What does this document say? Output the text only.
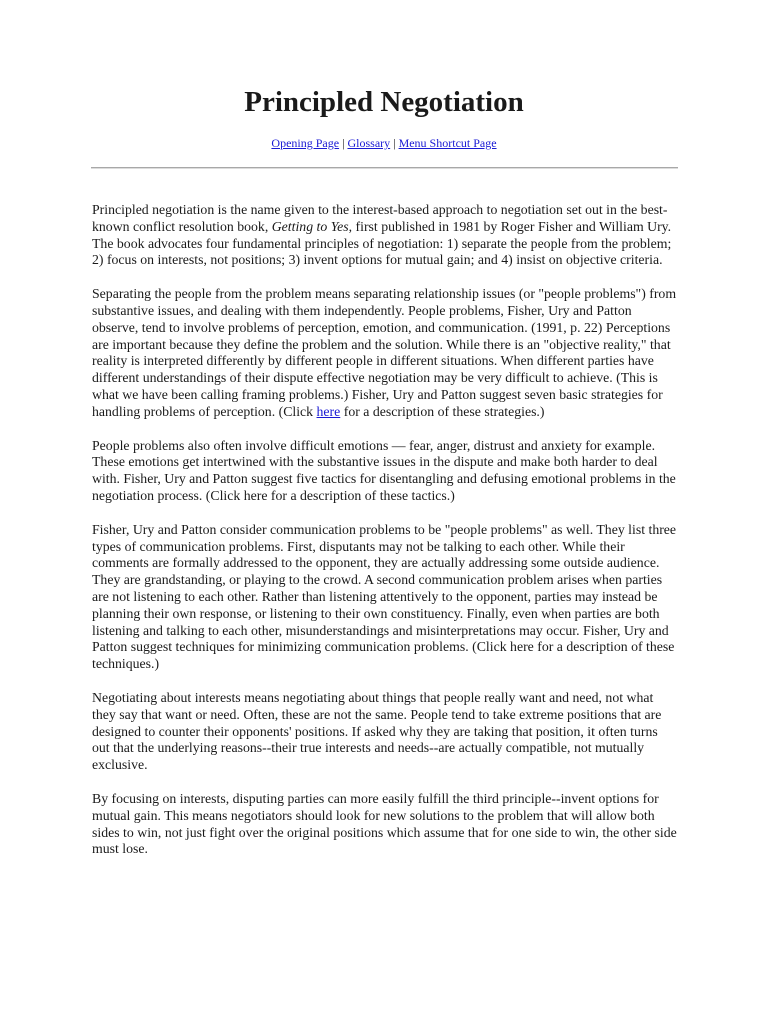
Principled Negotiation
Opening Page | Glossary | Menu Shortcut Page

Principled negotiation is the name given to the interest-based approach to negotiation set out in the best-known conflict resolution book, Getting to Yes, first published in 1981 by Roger Fisher and William Ury. The book advocates four fundamental principles of negotiation: 1) separate the people from the problem; 2) focus on interests, not positions; 3) invent options for mutual gain; and 4) insist on objective criteria.

Separating the people from the problem means separating relationship issues (or "people problems") from substantive issues, and dealing with them independently. People problems, Fisher, Ury and Patton observe, tend to involve problems of perception, emotion, and communication. (1991, p. 22) Perceptions are important because they define the problem and the solution. While there is an "objective reality," that reality is interpreted differently by different people in different situations. When different parties have different understandings of their dispute effective negotiation may be very difficult to achieve. (This is what we have been calling framing problems.) Fisher, Ury and Patton suggest seven basic strategies for handling problems of perception. (Click here for a description of these strategies.)

People problems also often involve difficult emotions — fear, anger, distrust and anxiety for example. These emotions get intertwined with the substantive issues in the dispute and make both harder to deal with. Fisher, Ury and Patton suggest five tactics for disentangling and defusing emotional problems in the negotiation process. (Click here for a description of these tactics.)

Fisher, Ury and Patton consider communication problems to be "people problems" as well. They list three types of communication problems. First, disputants may not be talking to each other. While their comments are formally addressed to the opponent, they are actually addressing some outside audience. They are grandstanding, or playing to the crowd. A second communication problem arises when parties are not listening to each other. Rather than listening attentively to the opponent, parties may instead be planning their own response, or listening to their own constituency. Finally, even when parties are both listening and talking to each other, misunderstandings and misinterpretations may occur. Fisher, Ury and Patton suggest techniques for minimizing communication problems. (Click here for a description of these techniques.)

Negotiating about interests means negotiating about things that people really want and need, not what they say that want or need. Often, these are not the same. People tend to take extreme positions that are designed to counter their opponents' positions. If asked why they are taking that position, it often turns out that the underlying reasons--their true interests and needs--are actually compatible, not mutually exclusive.

By focusing on interests, disputing parties can more easily fulfill the third principle--invent options for mutual gain. This means negotiators should look for new solutions to the problem that will allow both sides to win, not just fight over the original positions which assume that for one side to win, the other side must lose.
